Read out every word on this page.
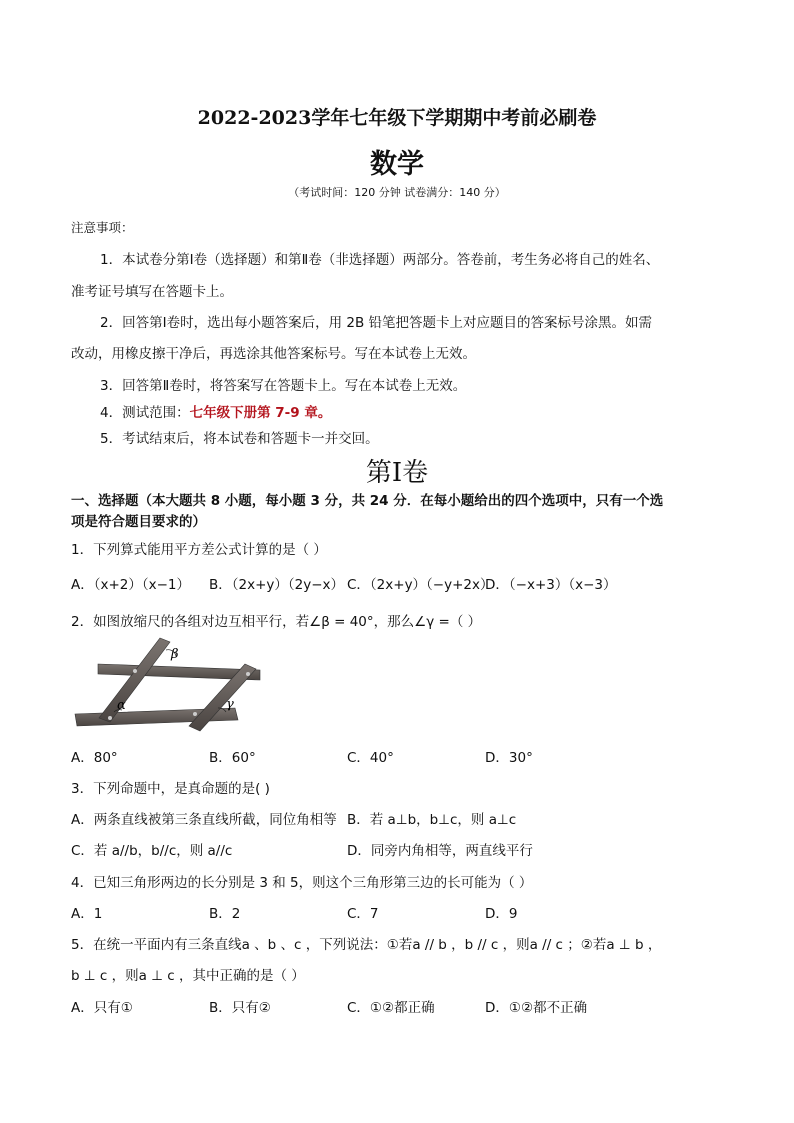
2022-2023学年七年级下学期期中考前必刷卷
数学
（考试时间：120 分钟 试卷满分：140 分）
注意事项：
1．本试卷分第Ⅰ卷（选择题）和第Ⅱ卷（非选择题）两部分。答卷前，考生务必将自己的姓名、
准考证号填写在答题卡上。
2．回答第Ⅰ卷时，选出每小题答案后，用 2B 铅笔把答题卡上对应题目的答案标号涂黑。如需
改动，用橡皮擦干净后，再选涂其他答案标号。写在本试卷上无效。
3．回答第Ⅱ卷时，将答案写在答题卡上。写在本试卷上无效。
4．测试范围：七年级下册第 7-9 章。
5．考试结束后，将本试卷和答题卡一并交回。
第Ⅰ卷
一、选择题（本大题共 8 小题，每小题 3 分，共 24 分．在每小题给出的四个选项中，只有一个选
项是符合题目要求的）
1．下列算式能用平方差公式计算的是（ ）
A．（x+2）（x−1） B．（2x+y）（2y−x） C．（2x+y）（−y+2x）
D．（−x+3）（x−3）
2．如图放缩尺的各组对边互相平行，若∠β = 40°，那么∠γ =（ ）
β
α	γ
A．80°	B．60°	C．40°	D．30°
3．下列命题中，是真命题的是( )
A．两条直线被第三条直线所截，同位角相等 B．若 a⊥b，b⊥c，则 a⊥c
C．若 a//b，b//c，则 a//c	D．同旁内角相等，两直线平行
4．已知三角形两边的长分别是 3 和 5，则这个三角形第三边的长可能为（ ）
A．1	B．2	C．7	D．9
5．在统一平面内有三条直线a 、b 、c ，下列说法：①若a // b ，b // c ，则a // c ；②若a ⊥ b ，
b ⊥ c ，则a ⊥ c ，其中正确的是（ ）
A．只有①	B．只有②	C．①②都正确	D．①②都不正确
